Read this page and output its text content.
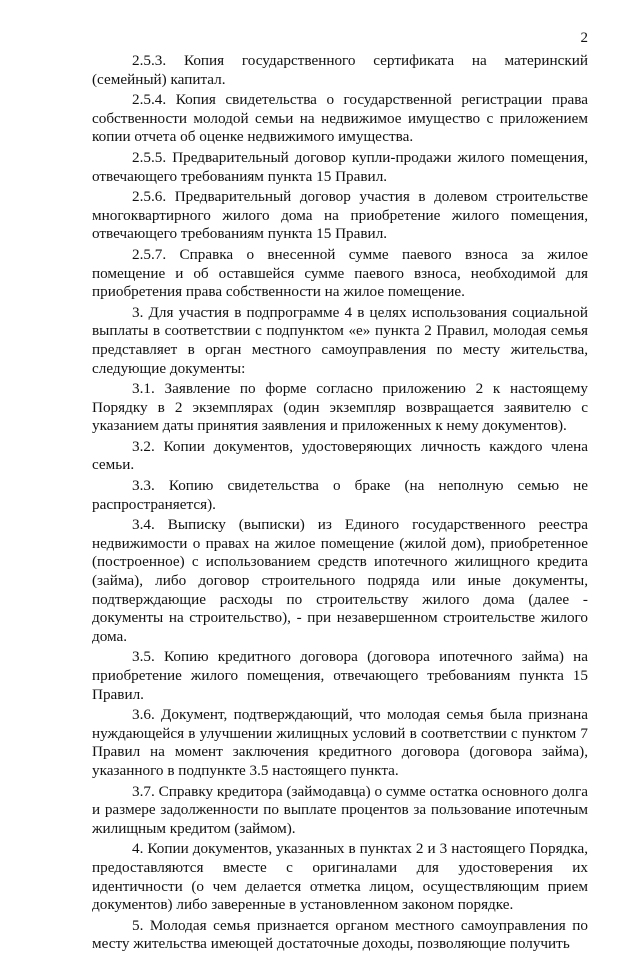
2

2.5.3. Копия государственного сертификата на материнский (семейный) капитал.

2.5.4. Копия свидетельства о государственной регистрации права собственности молодой семьи на недвижимое имущество с приложением копии отчета об оценке недвижимого имущества.

2.5.5. Предварительный договор купли-продажи жилого помещения, отвечающего требованиям пункта 15 Правил.

2.5.6. Предварительный договор участия в долевом строительстве многоквартирного жилого дома на приобретение жилого помещения, отвечающего требованиям пункта 15 Правил.

2.5.7. Справка о внесенной сумме паевого взноса за жилое помещение и об оставшейся сумме паевого взноса, необходимой для приобретения права собственности на жилое помещение.

3. Для участия в подпрограмме 4 в целях использования социальной выплаты в соответствии с подпунктом «е» пункта 2 Правил, молодая семья представляет в орган местного самоуправления по месту жительства, следующие документы:

3.1. Заявление по форме согласно приложению 2 к настоящему Порядку в 2 экземплярах (один экземпляр возвращается заявителю с указанием даты принятия заявления и приложенных к нему документов).

3.2. Копии документов, удостоверяющих личность каждого члена семьи.

3.3. Копию свидетельства о браке (на неполную семью не распространяется).

3.4. Выписку (выписки) из Единого государственного реестра недвижимости о правах на жилое помещение (жилой дом), приобретенное (построенное) с использованием средств ипотечного жилищного кредита (займа), либо договор строительного подряда или иные документы, подтверждающие расходы по строительству жилого дома (далее - документы на строительство), - при незавершенном строительстве жилого дома.

3.5. Копию кредитного договора (договора ипотечного займа) на приобретение жилого помещения, отвечающего требованиям пункта 15 Правил.

3.6. Документ, подтверждающий, что молодая семья была признана нуждающейся в улучшении жилищных условий в соответствии с пунктом 7 Правил на момент заключения кредитного договора (договора займа), указанного в подпункте 3.5 настоящего пункта.

3.7. Справку кредитора (займодавца) о сумме остатка основного долга и размере задолженности по выплате процентов за пользование ипотечным жилищным кредитом (займом).

4. Копии документов, указанных в пунктах 2 и 3 настоящего Порядка, предоставляются вместе с оригиналами для удостоверения их идентичности (о чем делается отметка лицом, осуществляющим прием документов) либо заверенные в установленном законом порядке.

5. Молодая семья признается органом местного самоуправления по месту жительства имеющей достаточные доходы, позволяющие получить
